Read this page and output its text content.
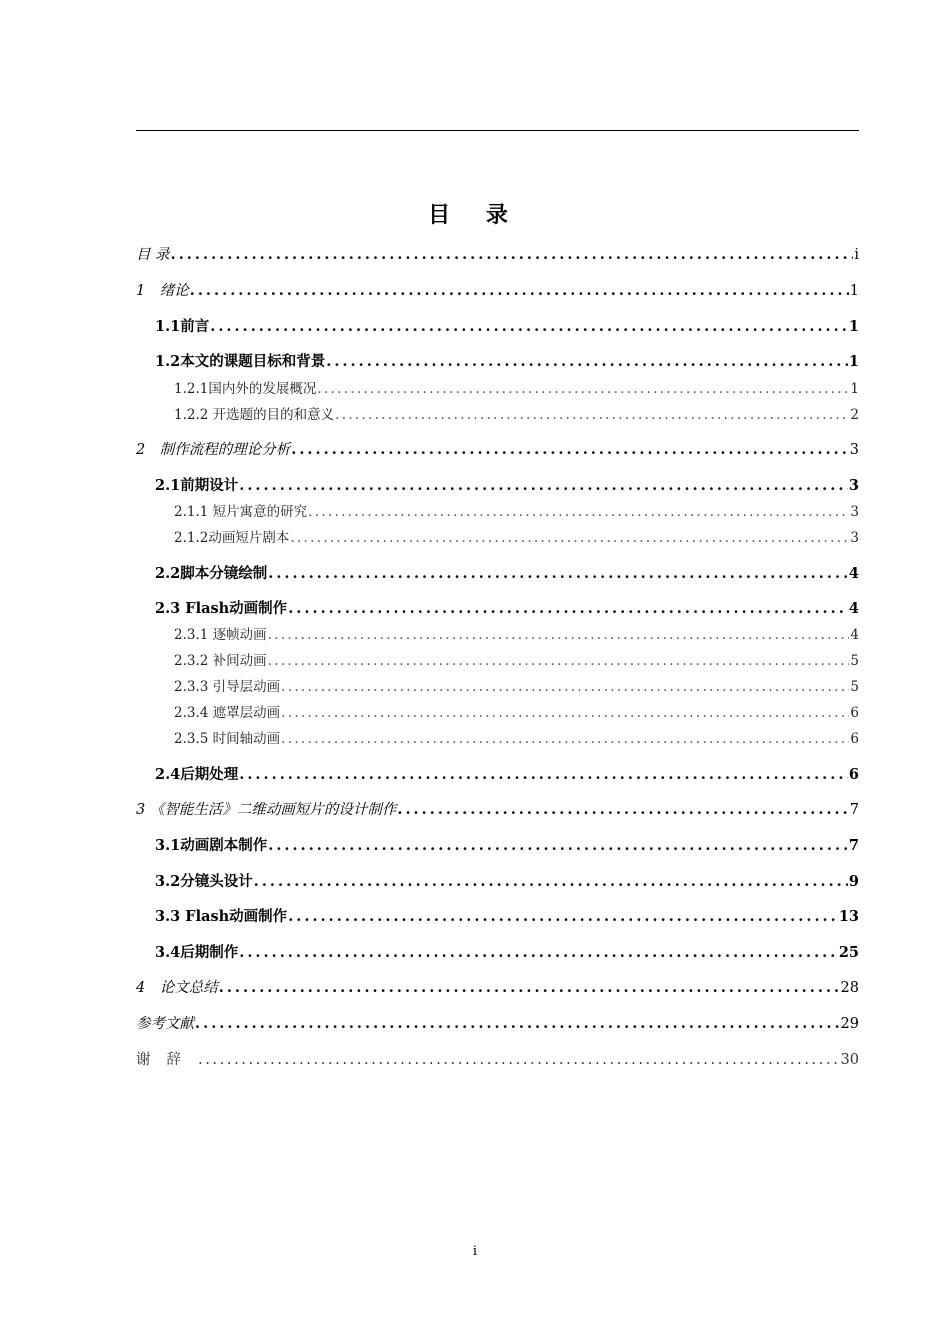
目 录
目 录 . . .	i
1　绪论 . . .	1
1.1前言 . . .	1
1.2本文的课题目标和背景 . . .	1
1.2.1国内外的发展概况 . . .	1
1.2.2 开选题的目的和意义 . . .	2
2　制作流程的理论分析 . . .	3
2.1前期设计 . . .	3
2.1.1 短片寓意的研究 . . .	3
2.1.2动画短片剧本 . . .	3
2.2脚本分镜绘制 . . .	4
2.3 Flash动画制作 . . .	4
2.3.1 逐帧动画 . . .	4
2.3.2 补间动画 . . .	5
2.3.3 引导层动画 . . .	5
2.3.4 遮罩层动画 . . .	6
2.3.5 时间轴动画 . . .	6
2.4后期处理 . . .	6
3 《智能生活》二维动画短片的设计制作 . . .	7
3.1动画剧本制作 . . .	7
3.2分镜头设计 . . .	9
3.3 Flash动画制作 . . .	13
3.4后期制作 . . .	25
4　论文总结 . . .	28
参考文献 . . .	29
谢辞 . . .	30
i
